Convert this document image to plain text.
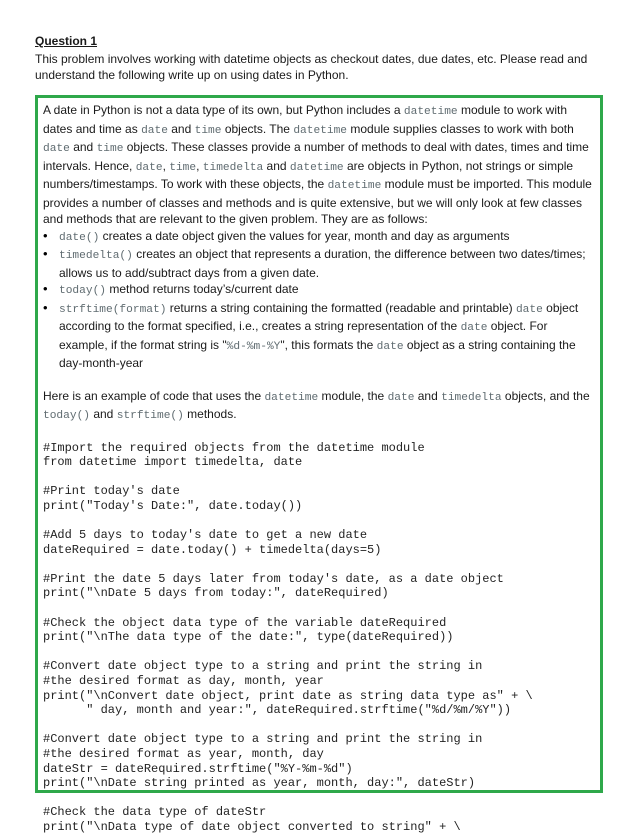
Question 1

This problem involves working with datetime objects as checkout dates, due dates, etc. Please read and understand the following write up on using dates in Python.

A date in Python is not a data type of its own, but Python includes a datetime module to work with dates and time as date and time objects. The datetime module supplies classes to work with both date and time objects. These classes provide a number of methods to deal with dates, times and time intervals. Hence, date, time, timedelta and datetime are objects in Python, not strings or simple numbers/timestamps. To work with these objects, the datetime module must be imported. This module provides a number of classes and methods and is quite extensive, but we will only look at few classes and methods that are relevant to the given problem. They are as follows:

• date() creates a date object given the values for year, month and day as arguments
• timedelta() creates an object that represents a duration, the difference between two dates/times; allows us to add/subtract days from a given date.
• today() method returns today’s/current date
• strftime(format) returns a string containing the formatted (readable and printable) date object according to the format specified, i.e., creates a string representation of the date object. For example, if the format string is "%d-%m-%Y", this formats the date object as a string containing the day-month-year

Here is an example of code that uses the datetime module, the date and timedelta objects, and the today() and strftime() methods.

#Import the required objects from the datetime module
from datetime import timedelta, date
#Print today's date
print("Today's Date:", date.today())
#Add 5 days to today's date to get a new date
dateRequired = date.today() + timedelta(days=5)
#Print the date 5 days later from today's date, as a date object
print("\nDate 5 days from today:", dateRequired)
#Check the object data type of the variable dateRequired
print("\nThe data type of the date:", type(dateRequired))
#Convert date object type to a string and print the string in
#the desired format as day, month, year
print("\nConvert date object, print date as string data type as" + \
" day, month and year:", dateRequired.strftime("%d/%m/%Y"))
#Convert date object type to a string and print the string in
#the desired format as year, month, day
dateStr = dateRequired.strftime("%Y-%m-%d")
print("\nDate string printed as year, month, day:", dateStr)
#Check the data type of dateStr
print("\nData type of date object converted to string" + \
